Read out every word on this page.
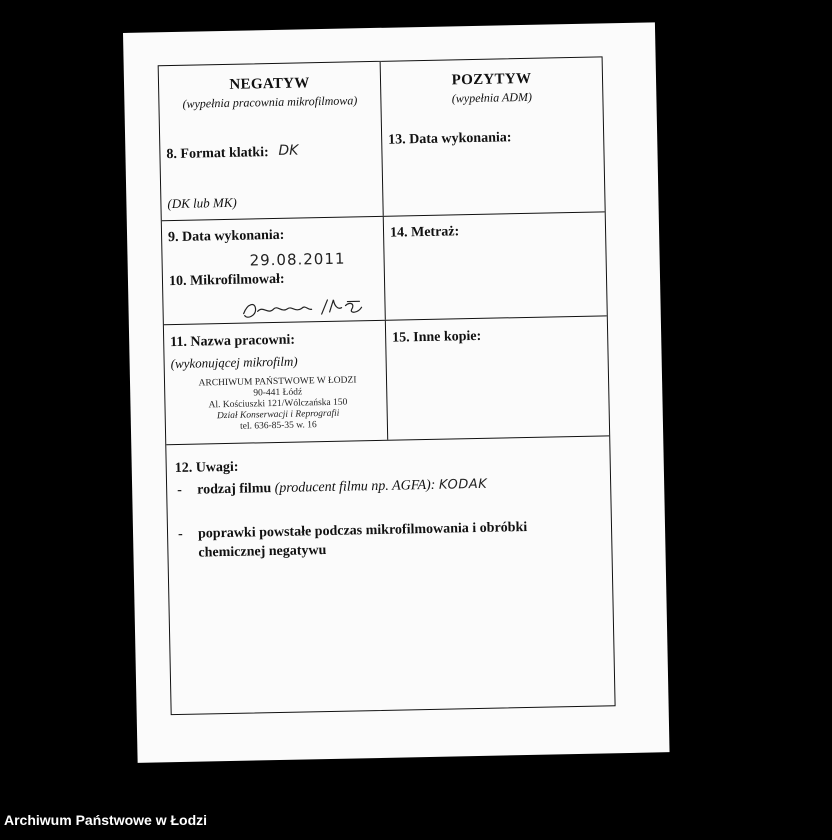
NEGATYW
(wypełnia pracownia mikrofilmowa)
8. Format klatki: DK
(DK lub MK)
POZYTYW
(wypełnia ADM)
13. Data wykonania:
9. Data wykonania:
29.08.2011
10. Mikrofilmował:
14. Metraż:
11. Nazwa pracowni:
(wykonującej mikrofilm)
ARCHIWUM PAŃSTWOWE W ŁODZI
90-441 Łódź
Al. Kościuszki 121/Wólczańska 150
Dział Konserwacji i Reprografii
tel. 636-85-35 w. 16
15. Inne kopie:
12. Uwagi:
- rodzaj filmu (producent filmu np. AGFA): KODAK
- poprawki powstałe podczas mikrofilmowania i obróbki
chemicznej negatywu
Archiwum Państwowe w Łodzi
